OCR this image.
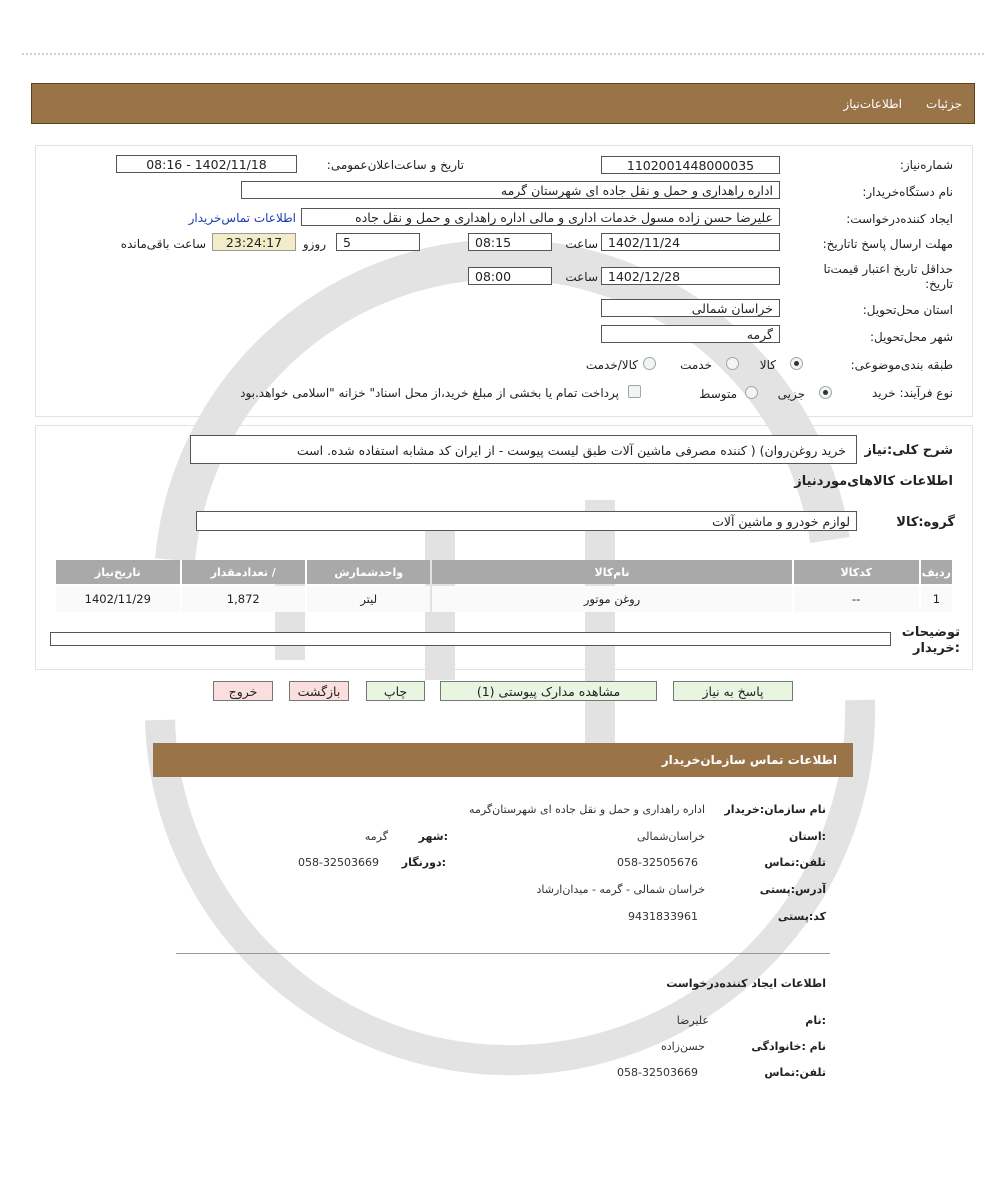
جزئیات
اطلاعات‌نیاز
شماره‌نیاز:
1102001448000035
تاریخ و ساعت‌اعلان‌عمومی:
1402/11/18 - 08:16
نام دستگاه‌خریدار:
اداره راهداری و حمل و نقل جاده ای شهرستان گرمه
ایجاد کننده‌درخواست:
علیرضا حسن زاده مسول خدمات اداری و مالی اداره راهداری و حمل و نقل جاده
اطلاعات تماس‌خریدار
مهلت ارسال پاسخ تا‌تاریخ:
1402/11/24
ساعت
08:15
5
روزو
23:24:17
ساعت باقی‌مانده
حداقل تاریخ اعتبار قیمت‌تا تاریخ:
1402/12/28
ساعت
08:00
استان محل‌تحویل:
خراسان شمالی
شهر محل‌تحویل:
گرمه
طبقه بندی‌موضوعی:
کالا
خدمت
کالا/خدمت
نوع فرآیند: خرید
جزیی
متوسط
پرداخت تمام یا بخشی از مبلغ خرید،از محل اسناد" خزانه "اسلامی خواهد.بود
شرح کلی‌:نیاز
خرید روغن‌روان) ( کننده مصرفی ماشین آلات طبق لیست پیوست - از ایران کد مشابه استفاده شده. است
اطلاعات کالاهای‌موردنیاز
گروه‌:کالا
لوازم خودرو و ماشین آلات
ردیف	کدکالا	نام‌کالا	واحدشمارش	/ تعدادمقدار	تاریخ‌نیاز
1	--	روغن موتور	لیتر	1,872	1402/11/29
توضیحات :خریدار
پاسخ به نیاز
مشاهده مدارک پیوستی (1)
چاپ
بازگشت
خروج
اطلاعات تماس سازمان‌خریدار
نام سازمان‌:خریدار
اداره راهداری و حمل و نقل جاده ای شهرستان‌گرمه
:استان
خراسان‌شمالی
:شهر
گرمه
تلفن‌:تماس
058-32505676
:دورنگار
058-32503669
آدرس‌:پستی
خراسان شمالی - گرمه - میدان‌ارشاد
کد‌:پستی
9431833961
اطلاعات ایجاد کننده‌درخواست
:نام
علیرضا
نام :خانوادگی
حسن‌زاده
تلفن‌:تماس
058-32503669
